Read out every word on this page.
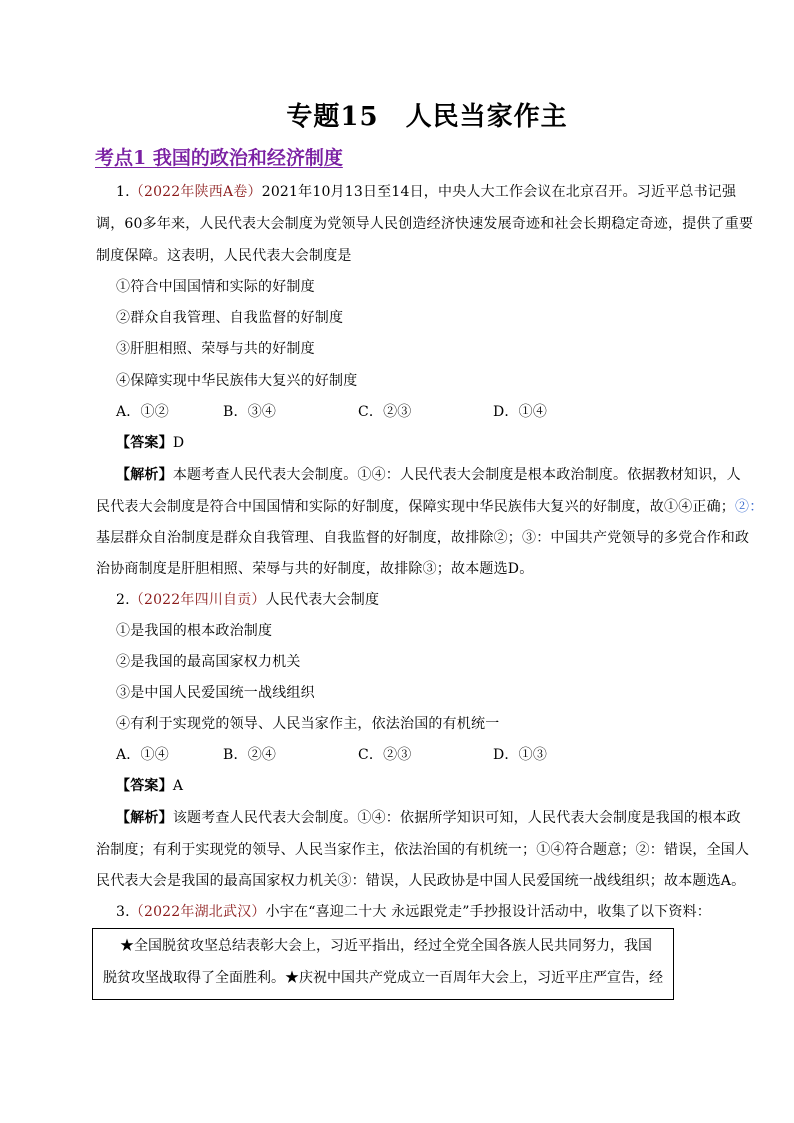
专题15　人民当家作主
考点1 我国的政治和经济制度
1.（2022年陕西A卷）2021年10月13日至14日，中央人大工作会议在北京召开。习近平总书记强
调，60多年来，人民代表大会制度为党领导人民创造经济快速发展奇迹和社会长期稳定奇迹，提供了重要
制度保障。这表明，人民代表大会制度是
①符合中国国情和实际的好制度
②群众自我管理、自我监督的好制度
③肝胆相照、荣辱与共的好制度
④保障实现中华民族伟大复兴的好制度
A．①②	B．③④	C．②③	D．①④
【答案】D
【解析】本题考查人民代表大会制度。①④：人民代表大会制度是根本政治制度。依据教材知识，人
民代表大会制度是符合中国国情和实际的好制度，保障实现中华民族伟大复兴的好制度，故①④正确；②：
基层群众自治制度是群众自我管理、自我监督的好制度，故排除②；③：中国共产党领导的多党合作和政
治协商制度是肝胆相照、荣辱与共的好制度，故排除③；故本题选D。
2.（2022年四川自贡）人民代表大会制度
①是我国的根本政治制度
②是我国的最高国家权力机关
③是中国人民爱国统一战线组织
④有利于实现党的领导、人民当家作主，依法治国的有机统一
A．①④	B．②④	C．②③	D．①③
【答案】A
【解析】该题考查人民代表大会制度。①④：依据所学知识可知，人民代表大会制度是我国的根本政
治制度；有利于实现党的领导、人民当家作主，依法治国的有机统一；①④符合题意；②：错误，全国人
民代表大会是我国的最高国家权力机关③：错误，人民政协是中国人民爱国统一战线组织；故本题选A。
3.（2022年湖北武汉）小宇在“喜迎二十大 永远跟党走”手抄报设计活动中，收集了以下资料：
★全国脱贫攻坚总结表彰大会上，习近平指出，经过全党全国各族人民共同努力，我国
脱贫攻坚战取得了全面胜利。★庆祝中国共产党成立一百周年大会上，习近平庄严宣告，经
